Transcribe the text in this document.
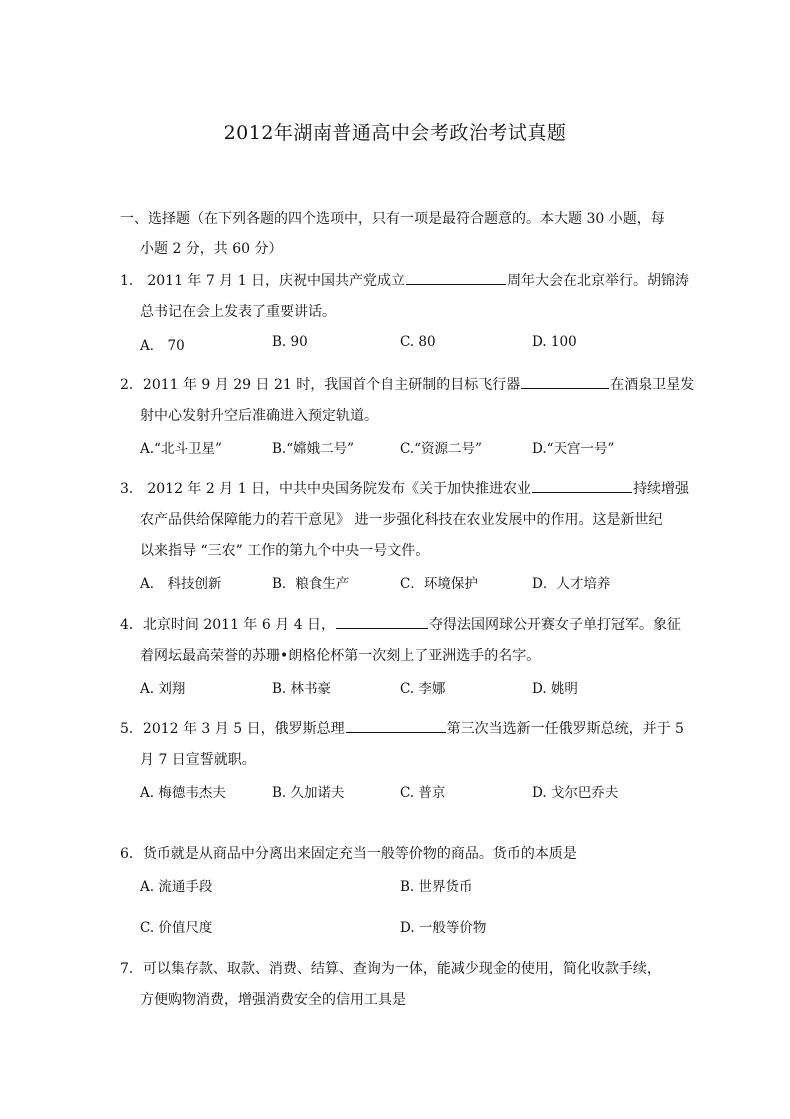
2012年湖南普通高中会考政治考试真题
一、选择题（在下列各题的四个选项中，只有一项是最符合题意的。本大题 30 小题，每
小题 2 分，共 60 分）
1． 2011 年 7 月 1 日，庆祝中国共产党成立	周年大会在北京举行。胡锦涛
总书记在会上发表了重要讲话。
A． 70	B. 90	C. 80	D. 100
2．2011 年 9 月 29 日 21 时，我国首个自主研制的目标飞行器	在酒泉卫星发
射中心发射升空后准确进入预定轨道。
A.“北斗卫星”	B.“嫦娥二号”	C.“资源二号”	D.“天宫一号”
3． 2012 年 2 月 1 日，中共中央国务院发布《关于加快推进农业	持续增强
农产品供给保障能力的若干意见》 进一步强化科技在农业发展中的作用。这是新世纪
以来指导 “三农” 工作的第九个中央一号文件。
A． 科技创新	B．粮食生产	C．环境保护	D．人才培养
4．北京时间 2011 年 6 月 4 日，	夺得法国网球公开赛女子单打冠军。象征
着网坛最高荣誉的苏珊•朗格伦杯第一次刻上了亚洲选手的名字。
A. 刘翔	B. 林书豪	C. 李娜	D. 姚明
5．2012 年 3 月 5 日，俄罗斯总理	第三次当选新一任俄罗斯总统，并于 5
月 7 日宣誓就职。
A. 梅德韦杰夫	B. 久加诺夫	C. 普京	D. 戈尔巴乔夫
6．货币就是从商品中分离出来固定充当一般等价物的商品。货币的本质是
A. 流通手段	B. 世界货币
C. 价值尺度	D. 一般等价物
7．可以集存款、取款、消费、结算、查询为一体，能减少现金的使用，简化收款手续，
方便购物消费，增强消费安全的信用工具是
